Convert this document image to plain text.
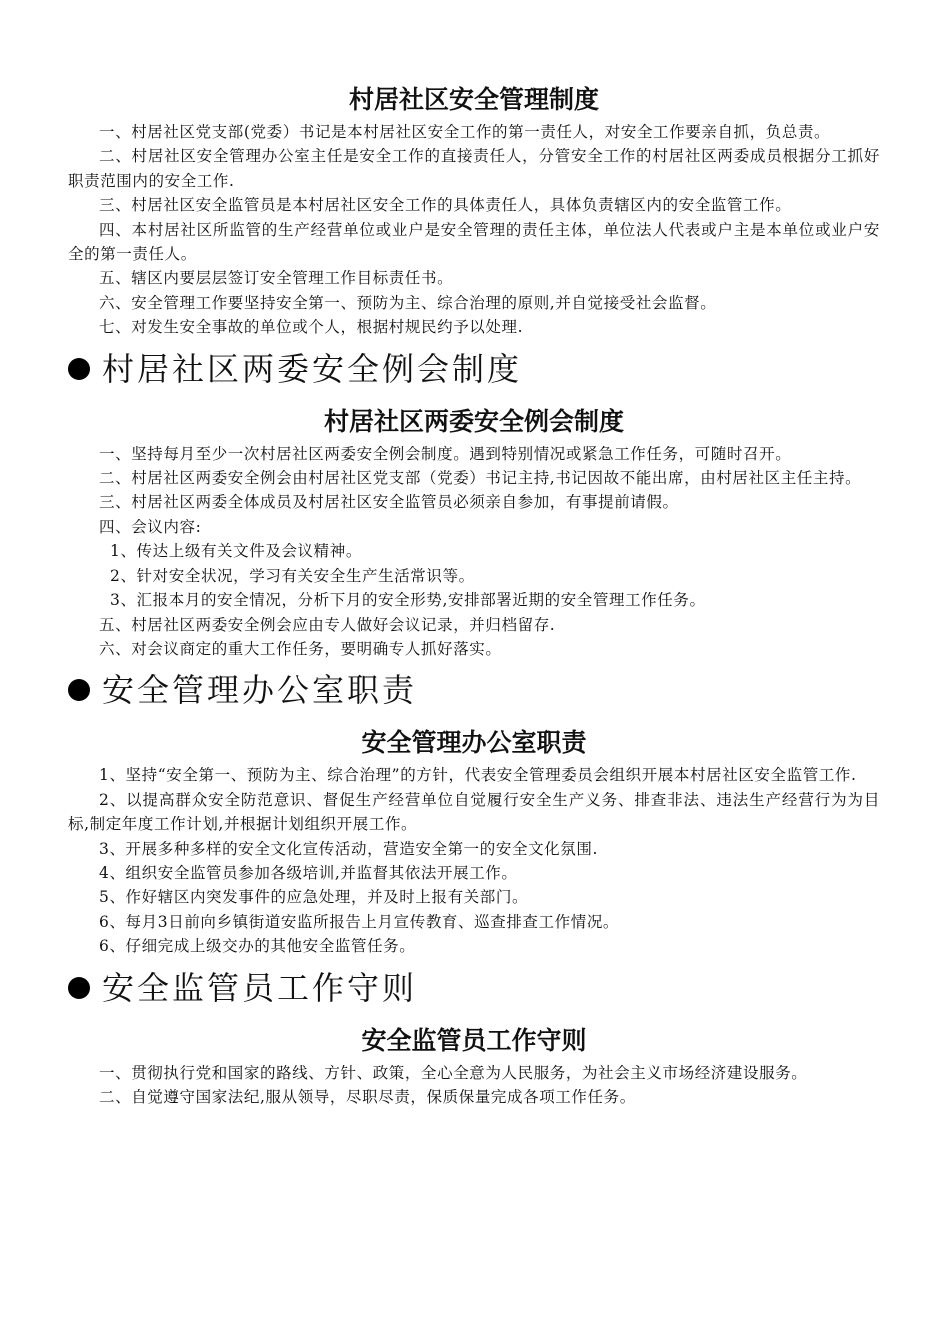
村居社区安全管理制度

一、村居社区党支部(党委）书记是本村居社区安全工作的第一责任人，对安全工作要亲自抓，负总责。

二、村居社区安全管理办公室主任是安全工作的直接责任人，分管安全工作的村居社区两委成员根据分工抓好职责范围内的安全工作.

三、村居社区安全监管员是本村居社区安全工作的具体责任人，具体负责辖区内的安全监管工作。

四、本村居社区所监管的生产经营单位或业户是安全管理的责任主体，单位法人代表或户主是本单位或业户安全的第一责任人。

五、辖区内要层层签订安全管理工作目标责任书。

六、安全管理工作要坚持安全第一、预防为主、综合治理的原则,并自觉接受社会监督。

七、对发生安全事故的单位或个人，根据村规民约予以处理.

村居社区两委安全例会制度
村居社区两委安全例会制度

一、坚持每月至少一次村居社区两委安全例会制度。遇到特别情况或紧急工作任务，可随时召开。

二、村居社区两委安全例会由村居社区党支部（党委）书记主持,书记因故不能出席，由村居社区主任主持。

三、村居社区两委全体成员及村居社区安全监管员必须亲自参加，有事提前请假。

四、会议内容:

1、传达上级有关文件及会议精神。

2、针对安全状况，学习有关安全生产生活常识等。

3、汇报本月的安全情况，分析下月的安全形势,安排部署近期的安全管理工作任务。

五、村居社区两委安全例会应由专人做好会议记录，并归档留存.

六、对会议商定的重大工作任务，要明确专人抓好落实。

安全管理办公室职责
安全管理办公室职责

1、坚持“安全第一、预防为主、综合治理”的方针，代表安全管理委员会组织开展本村居社区安全监管工作.

2、以提高群众安全防范意识、督促生产经营单位自觉履行安全生产义务、排查非法、违法生产经营行为为目标,制定年度工作计划,并根据计划组织开展工作。

3、开展多种多样的安全文化宣传活动，营造安全第一的安全文化氛围.

4、组织安全监管员参加各级培训,并监督其依法开展工作。

5、作好辖区内突发事件的应急处理，并及时上报有关部门。

6、每月3日前向乡镇街道安监所报告上月宣传教育、巡查排查工作情况。

6、仔细完成上级交办的其他安全监管任务。

安全监管员工作守则
安全监管员工作守则

一、贯彻执行党和国家的路线、方针、政策，全心全意为人民服务，为社会主义市场经济建设服务。

二、自觉遵守国家法纪,服从领导，尽职尽责，保质保量完成各项工作任务。
